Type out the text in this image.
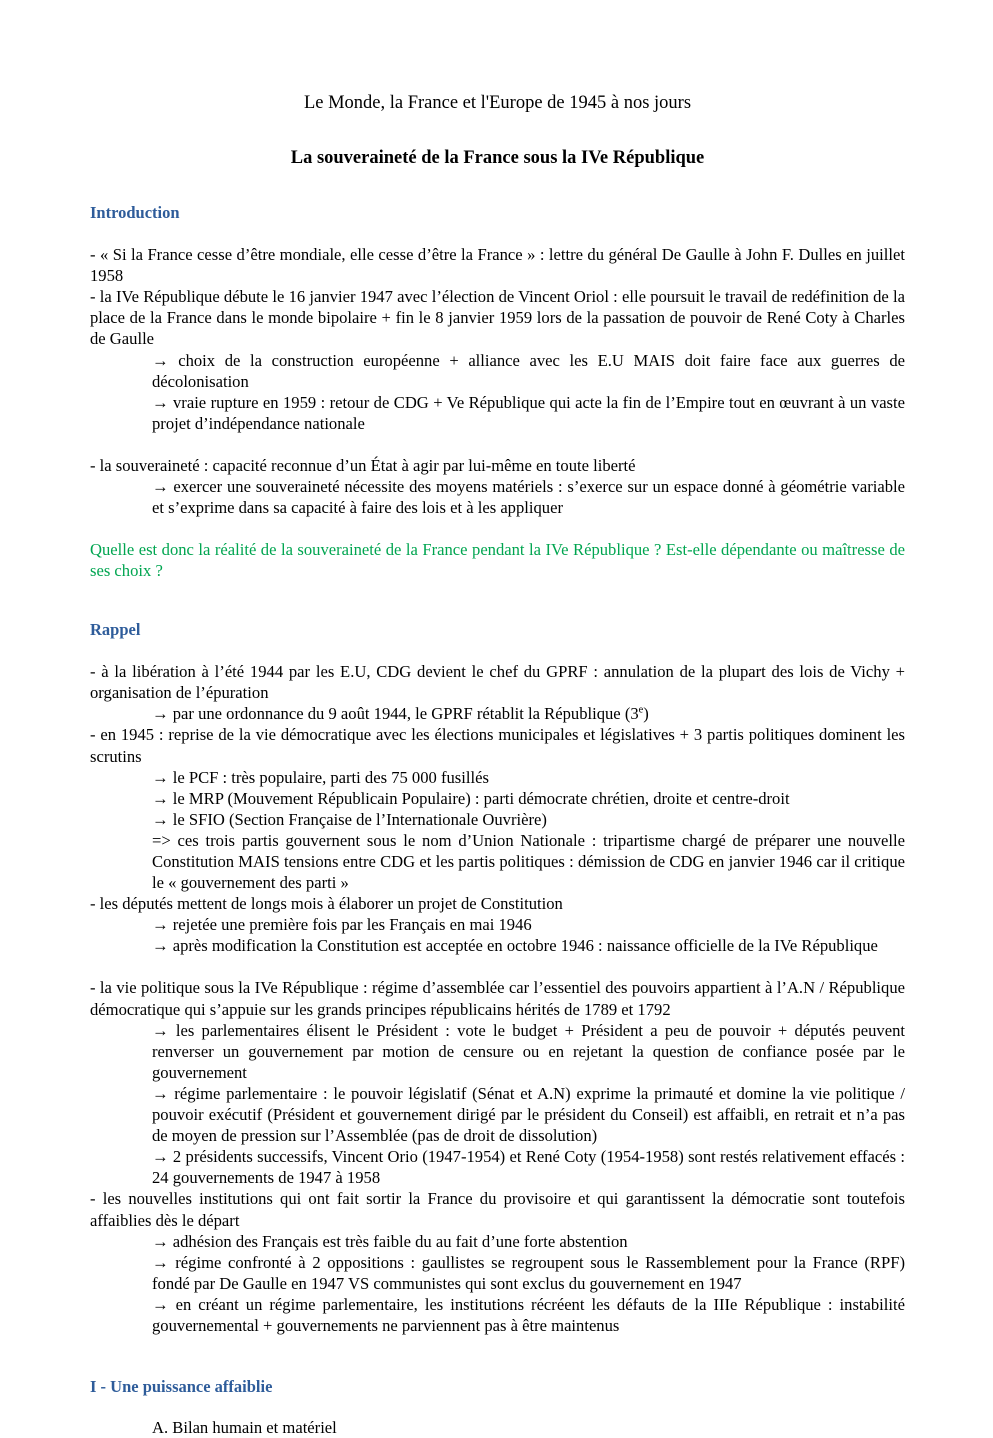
Le Monde, la France et l'Europe de 1945 à nos jours
La souveraineté de la France sous la IVe République
Introduction

- « Si la France cesse d’être mondiale, elle cesse d’être la France » : lettre du général De Gaulle à John F. Dulles en juillet 1958

- la IVe République débute le 16 janvier 1947 avec l’élection de Vincent Oriol : elle poursuit le travail de redéfinition de la place de la France dans le monde bipolaire + fin le 8 janvier 1959 lors de la passation de pouvoir de René Coty à Charles de Gaulle

→ choix de la construction européenne + alliance avec les E.U MAIS doit faire face aux guerres de décolonisation

→ vraie rupture en 1959 : retour de CDG + Ve République qui acte la fin de l’Empire tout en œuvrant à un vaste projet d’indépendance nationale

- la souveraineté : capacité reconnue d’un État à agir par lui-même en toute liberté

→ exercer une souveraineté nécessite des moyens matériels : s’exerce sur un espace donné à géométrie variable et s’exprime dans sa capacité à faire des lois et à les appliquer

Quelle est donc la réalité de la souveraineté de la France pendant la IVe République ? Est-elle dépendante ou maîtresse de ses choix ?

Rappel

- à la libération à l’été 1944 par les E.U, CDG devient le chef du GPRF : annulation de la plupart des lois de Vichy + organisation de l’épuration

→ par une ordonnance du 9 août 1944, le GPRF rétablit la République (3e)

- en 1945 : reprise de la vie démocratique avec les élections municipales et législatives + 3 partis politiques dominent les scrutins

→ le PCF : très populaire, parti des 75 000 fusillés

→ le MRP (Mouvement Républicain Populaire) : parti démocrate chrétien, droite et centre-droit

→ le SFIO (Section Française de l’Internationale Ouvrière)

=> ces trois partis gouvernent sous le nom d’Union Nationale : tripartisme chargé de préparer une nouvelle Constitution MAIS tensions entre CDG et les partis politiques : démission de CDG en janvier 1946 car il critique le « gouvernement des parti »

- les députés mettent de longs mois à élaborer un projet de Constitution

→ rejetée une première fois par les Français en mai 1946

→ après modification la Constitution est acceptée en octobre 1946 : naissance officielle de la IVe République

- la vie politique sous la IVe République : régime d’assemblée car l’essentiel des pouvoirs appartient à l’A.N / République démocratique qui s’appuie sur les grands principes républicains hérités de 1789 et 1792

→ les parlementaires élisent le Président : vote le budget + Président a peu de pouvoir + députés peuvent renverser un gouvernement par motion de censure ou en rejetant la question de confiance posée par le gouvernement

→ régime parlementaire : le pouvoir législatif (Sénat et A.N) exprime la primauté et domine la vie politique / pouvoir exécutif (Président et gouvernement dirigé par le président du Conseil) est affaibli, en retrait et n’a pas de moyen de pression sur l’Assemblée (pas de droit de dissolution)

→ 2 présidents successifs, Vincent Orio (1947-1954) et René Coty (1954-1958) sont restés relativement effacés : 24 gouvernements de 1947 à 1958

- les nouvelles institutions qui ont fait sortir la France du provisoire et qui garantissent la démocratie sont toutefois affaiblies dès le départ

→ adhésion des Français est très faible du au fait d’une forte abstention

→ régime confronté à 2 oppositions : gaullistes se regroupent sous le Rassemblement pour la France (RPF) fondé par De Gaulle en 1947 VS communistes qui sont exclus du gouvernement en 1947

→ en créant un régime parlementaire, les institutions récréent les défauts de la IIIe République : instabilité gouvernemental + gouvernements ne parviennent pas à être maintenus

I - Une puissance affaiblie

A. Bilan humain et matériel
